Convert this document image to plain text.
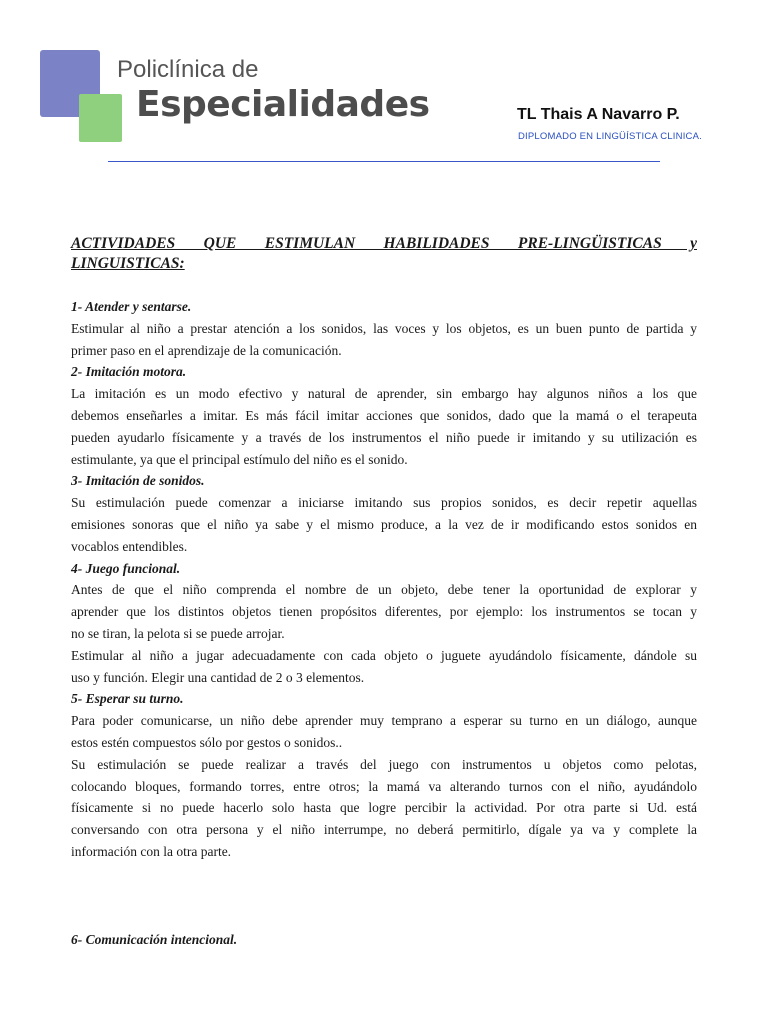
Policlínica de
Especialidades	TL Thais A Navarro P.
DIPLOMADO EN LINGÜÍSTICA CLINICA.
ACTIVIDADES QUE ESTIMULAN HABILIDADES PRE-LINGÜISTICAS y
LINGUISTICAS:

1- Atender y sentarse.

Estimular al niño a prestar atención a los sonidos, las voces y los objetos, es un buen punto de partida y
primer paso en el aprendizaje de la comunicación.

2- Imitación motora.

La imitación es un modo efectivo y natural de aprender, sin embargo hay algunos niños a los que
debemos enseñarles a imitar. Es más fácil imitar acciones que sonidos, dado que la mamá o el terapeuta
pueden ayudarlo físicamente y a través de los instrumentos el niño puede ir imitando y su utilización es
estimulante, ya que el principal estímulo del niño es el sonido.

3- Imitación de sonidos.

Su estimulación puede comenzar a iniciarse imitando sus propios sonidos, es decir repetir aquellas
emisiones sonoras que el niño ya sabe y el mismo produce, a la vez de ir modificando estos sonidos en
vocablos entendibles.

4- Juego funcional.

Antes de que el niño comprenda el nombre de un objeto, debe tener la oportunidad de explorar y
aprender que los distintos objetos tienen propósitos diferentes, por ejemplo: los instrumentos se tocan y
no se tiran, la pelota si se puede arrojar.

Estimular al niño a jugar adecuadamente con cada objeto o juguete ayudándolo físicamente, dándole su
uso y función. Elegir una cantidad de 2 o 3 elementos.

5- Esperar su turno.

Para poder comunicarse, un niño debe aprender muy temprano a esperar su turno en un diálogo, aunque
estos estén compuestos sólo por gestos o sonidos..

Su estimulación se puede realizar a través del juego con instrumentos u objetos como pelotas,
colocando bloques, formando torres, entre otros; la mamá va alterando turnos con el niño, ayudándolo
físicamente si no puede hacerlo solo hasta que logre percibir la actividad. Por otra parte si Ud. está
conversando con otra persona y el niño interrumpe, no deberá permitirlo, dígale ya va y complete la
información con la otra parte.

6- Comunicación intencional.
